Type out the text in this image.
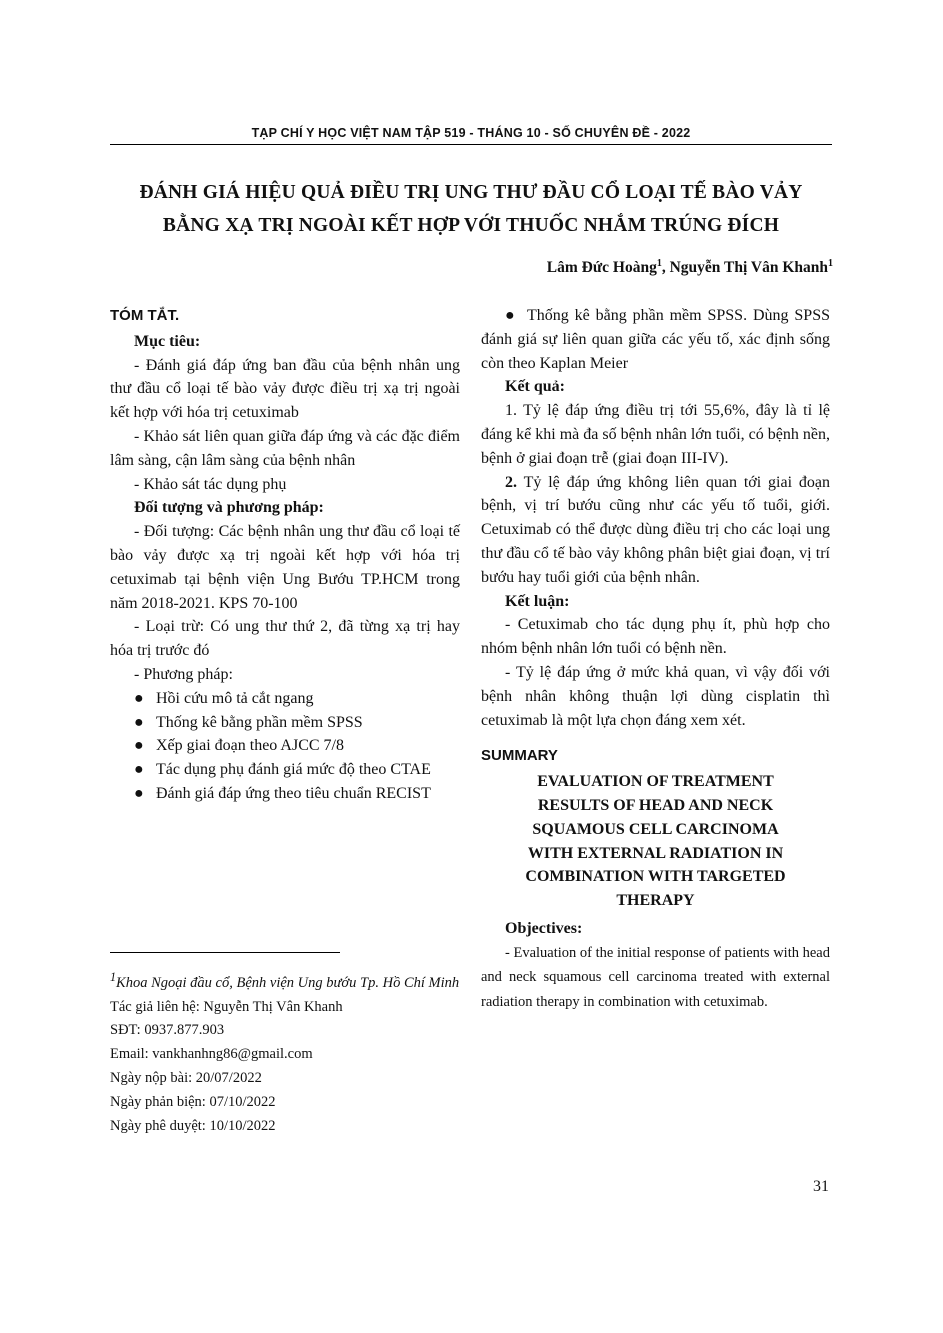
TẠP CHÍ Y HỌC VIỆT NAM TẬP 519 - THÁNG 10 - SỐ CHUYÊN ĐỀ - 2022
ĐÁNH GIÁ HIỆU QUẢ ĐIỀU TRỊ UNG THƯ ĐẦU CỔ LOẠI TẾ BÀO VẢY
BẰNG XẠ TRỊ NGOÀI KẾT HỢP VỚI THUỐC NHẮM TRÚNG ĐÍCH
Lâm Đức Hoàng$^1$, Nguyễn Thị Vân Khanh$^1$

TÓM TẮT.

Mục tiêu:

- Đánh giá đáp ứng ban đầu của bệnh nhân ung thư đầu cổ loại tế bào vảy được điều trị xạ trị ngoài kết hợp với hóa trị cetuximab

- Khảo sát liên quan giữa đáp ứng và các đặc điểm lâm sàng, cận lâm sàng của bệnh nhân

- Khảo sát tác dụng phụ

Đối tượng và phương pháp:

- Đối tượng: Các bệnh nhân ung thư đầu cổ loại tế bào vảy được xạ trị ngoài kết hợp với hóa trị cetuximab tại bệnh viện Ung Bướu TP.HCM trong năm 2018-2021. KPS 70-100

- Loại trừ: Có ung thư thứ 2, đã từng xạ trị hay hóa trị trước đó

- Phương pháp:

● Hồi cứu mô tả cắt ngang

● Thống kê bằng phần mềm SPSS

● Xếp giai đoạn theo AJCC 7/8

● Tác dụng phụ đánh giá mức độ theo CTAE

● Đánh giá đáp ứng theo tiêu chuẩn RECIST

$^1$Khoa Ngoại đầu cổ, Bệnh viện Ung bướu Tp. Hồ Chí Minh

Tác giả liên hệ: Nguyễn Thị Vân Khanh

SĐT: 0937.877.903

Email: vankhanhng86@gmail.com

Ngày nộp bài: 20/07/2022

Ngày phản biện: 07/10/2022

Ngày phê duyệt: 10/10/2022

● Thống kê bằng phần mềm SPSS. Dùng SPSS đánh giá sự liên quan giữa các yếu tố, xác định sống còn theo Kaplan Meier

Kết quả:

1. Tỷ lệ đáp ứng điều trị tới 55,6%, đây là tỉ lệ đáng kể khi mà đa số bệnh nhân lớn tuổi, có bệnh nền, bệnh ở giai đoạn trễ (giai đoạn III-IV).

2. Tỷ lệ đáp ứng không liên quan tới giai đoạn bệnh, vị trí bướu cũng như các yếu tố tuổi, giới. Cetuximab có thể được dùng điều trị cho các loại ung thư đầu cổ tế bào vảy không phân biệt giai đoạn, vị trí bướu hay tuổi giới của bệnh nhân.

Kết luận:

- Cetuximab cho tác dụng phụ ít, phù hợp cho nhóm bệnh nhân lớn tuổi có bệnh nền.

- Tỷ lệ đáp ứng ở mức khả quan, vì vậy đối với bệnh nhân không thuận lợi dùng cisplatin thì cetuximab là một lựa chọn đáng xem xét.

SUMMARY

EVALUATION OF TREATMENT
RESULTS OF HEAD AND NECK
SQUAMOUS CELL CARCINOMA
WITH EXTERNAL RADIATION IN
COMBINATION WITH TARGETED
THERAPY

Objectives:

- Evaluation of the initial response of patients with head and neck squamous cell carcinoma treated with external radiation therapy in combination with cetuximab.

31
